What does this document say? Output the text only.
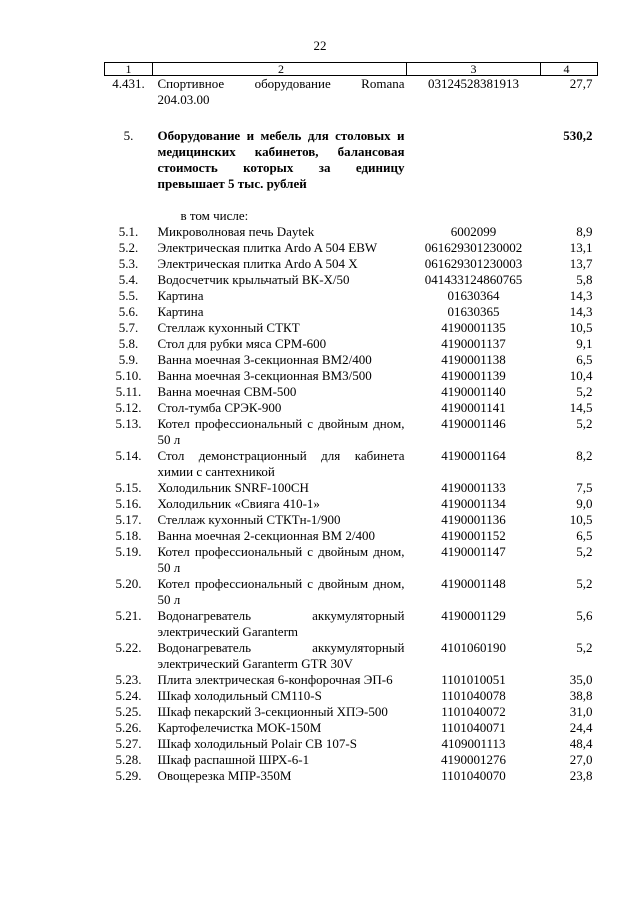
22
1	2	3	4
4.431.	Спортивное оборудование Romana 204.03.00	03124528381913	27,7
5.	Оборудование и мебель для столовых и медицинских кабинетов, балансовая стоимость которых за единицу превышает 5 тыс. рублей		530,2
	в том числе:		
5.1.	Микроволновая печь Daytek	6002099	8,9
5.2.	Электрическая плитка Ardo A 504 EBW	061629301230002	13,1
5.3.	Электрическая плитка Ardo A 504 X	061629301230003	13,7
5.4.	Водосчетчик крыльчатый ВК-X/50	041433124860765	5,8
5.5.	Картина	01630364	14,3
5.6.	Картина	01630365	14,3
5.7.	Стеллаж кухонный СТКТ	4190001135	10,5
5.8.	Стол для рубки мяса СРМ-600	4190001137	9,1
5.9.	Ванна моечная 3-секционная ВМ2/400	4190001138	6,5
5.10.	Ванна моечная 3-секционная ВМ3/500	4190001139	10,4
5.11.	Ванна моечная СВМ-500	4190001140	5,2
5.12.	Стол-тумба СРЭК-900	4190001141	14,5
5.13.	Котел профессиональный с двойным дном, 50 л	4190001146	5,2
5.14.	Стол демонстрационный для кабинета химии с сантехникой	4190001164	8,2
5.15.	Холодильник SNRF-100CH	4190001133	7,5
5.16.	Холодильник «Свияга 410-1»	4190001134	9,0
5.17.	Стеллаж кухонный СТКТн-1/900	4190001136	10,5
5.18.	Ванна моечная 2-секционная ВМ 2/400	4190001152	6,5
5.19.	Котел профессиональный с двойным дном, 50 л	4190001147	5,2
5.20.	Котел профессиональный с двойным дном, 50 л	4190001148	5,2
5.21.	Водонагреватель аккумуляторный электрический Garanterm	4190001129	5,6
5.22.	Водонагреватель аккумуляторный электрический Garanterm GTR 30V	4101060190	5,2
5.23.	Плита электрическая 6-конфорочная ЭП-6	1101010051	35,0
5.24.	Шкаф холодильный СМ110-S	1101040078	38,8
5.25.	Шкаф пекарский 3-секционный ХПЭ-500	1101040072	31,0
5.26.	Картофелечистка МОК-150М	1101040071	24,4
5.27.	Шкаф холодильный Polair CB 107-S	4109001113	48,4
5.28.	Шкаф распашной ШРХ-6-1	4190001276	27,0
5.29.	Овощерезка МПР-350М	1101040070	23,8
